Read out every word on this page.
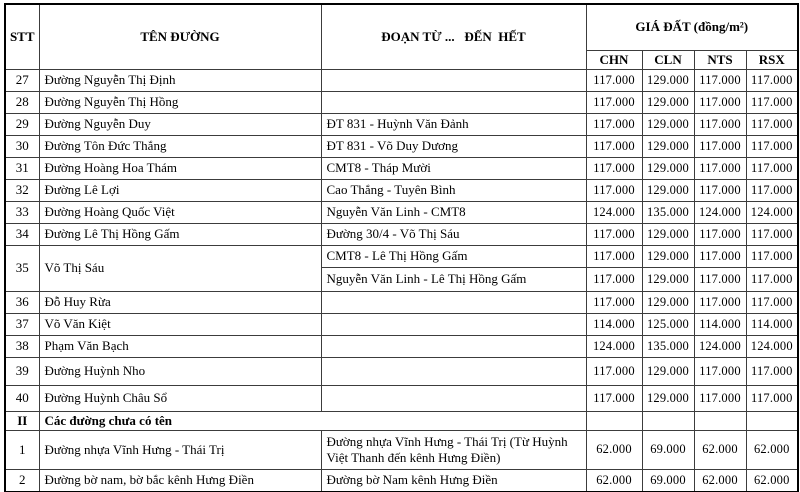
STT	TÊN ĐƯỜNG	ĐOẠN TỪ ...   ĐẾN  HẾT	GIÁ ĐẤT (đồng/m²)			
			CHN	CLN	NTS	RSX
27	Đường Nguyễn Thị Định		117.000	129.000	117.000	117.000
28	Đường Nguyễn Thị Hồng		117.000	129.000	117.000	117.000
29	Đường Nguyễn Duy	ĐT 831 - Huỳnh Văn Đảnh	117.000	129.000	117.000	117.000
30	Đường Tôn Đức Thắng	ĐT 831 - Võ Duy Dương	117.000	129.000	117.000	117.000
31	Đường Hoàng Hoa Thám	CMT8 - Tháp Mười	117.000	129.000	117.000	117.000
32	Đường Lê Lợi	Cao Thắng - Tuyên Bình	117.000	129.000	117.000	117.000
33	Đường Hoàng Quốc Việt	Nguyễn Văn Linh - CMT8	124.000	135.000	124.000	124.000
34	Đường Lê Thị Hồng Gấm	Đường 30/4 - Võ Thị Sáu	117.000	129.000	117.000	117.000
35	Võ Thị Sáu	CMT8 - Lê Thị Hồng Gấm	117.000	129.000	117.000	117.000
		Nguyễn Văn Linh - Lê Thị Hồng Gấm	117.000	129.000	117.000	117.000
36	Đỗ Huy Rừa		117.000	129.000	117.000	117.000
37	Võ Văn Kiệt		114.000	125.000	114.000	114.000
38	Phạm Văn Bạch		124.000	135.000	124.000	124.000
39	Đường Huỳnh Nho		117.000	129.000	117.000	117.000
40	Đường Huỳnh Châu Sổ		117.000	129.000	117.000	117.000
II	Các đường chưa có tên					
1	Đường nhựa Vĩnh Hưng - Thái Trị	Đường nhựa Vĩnh Hưng - Thái Trị (Từ Huỳnh Việt Thanh đến kênh Hưng Điền)	62.000	69.000	62.000	62.000
2	Đường bờ nam, bờ bắc kênh Hưng Điền	Đường bờ Nam kênh Hưng Điền	62.000	69.000	62.000	62.000
